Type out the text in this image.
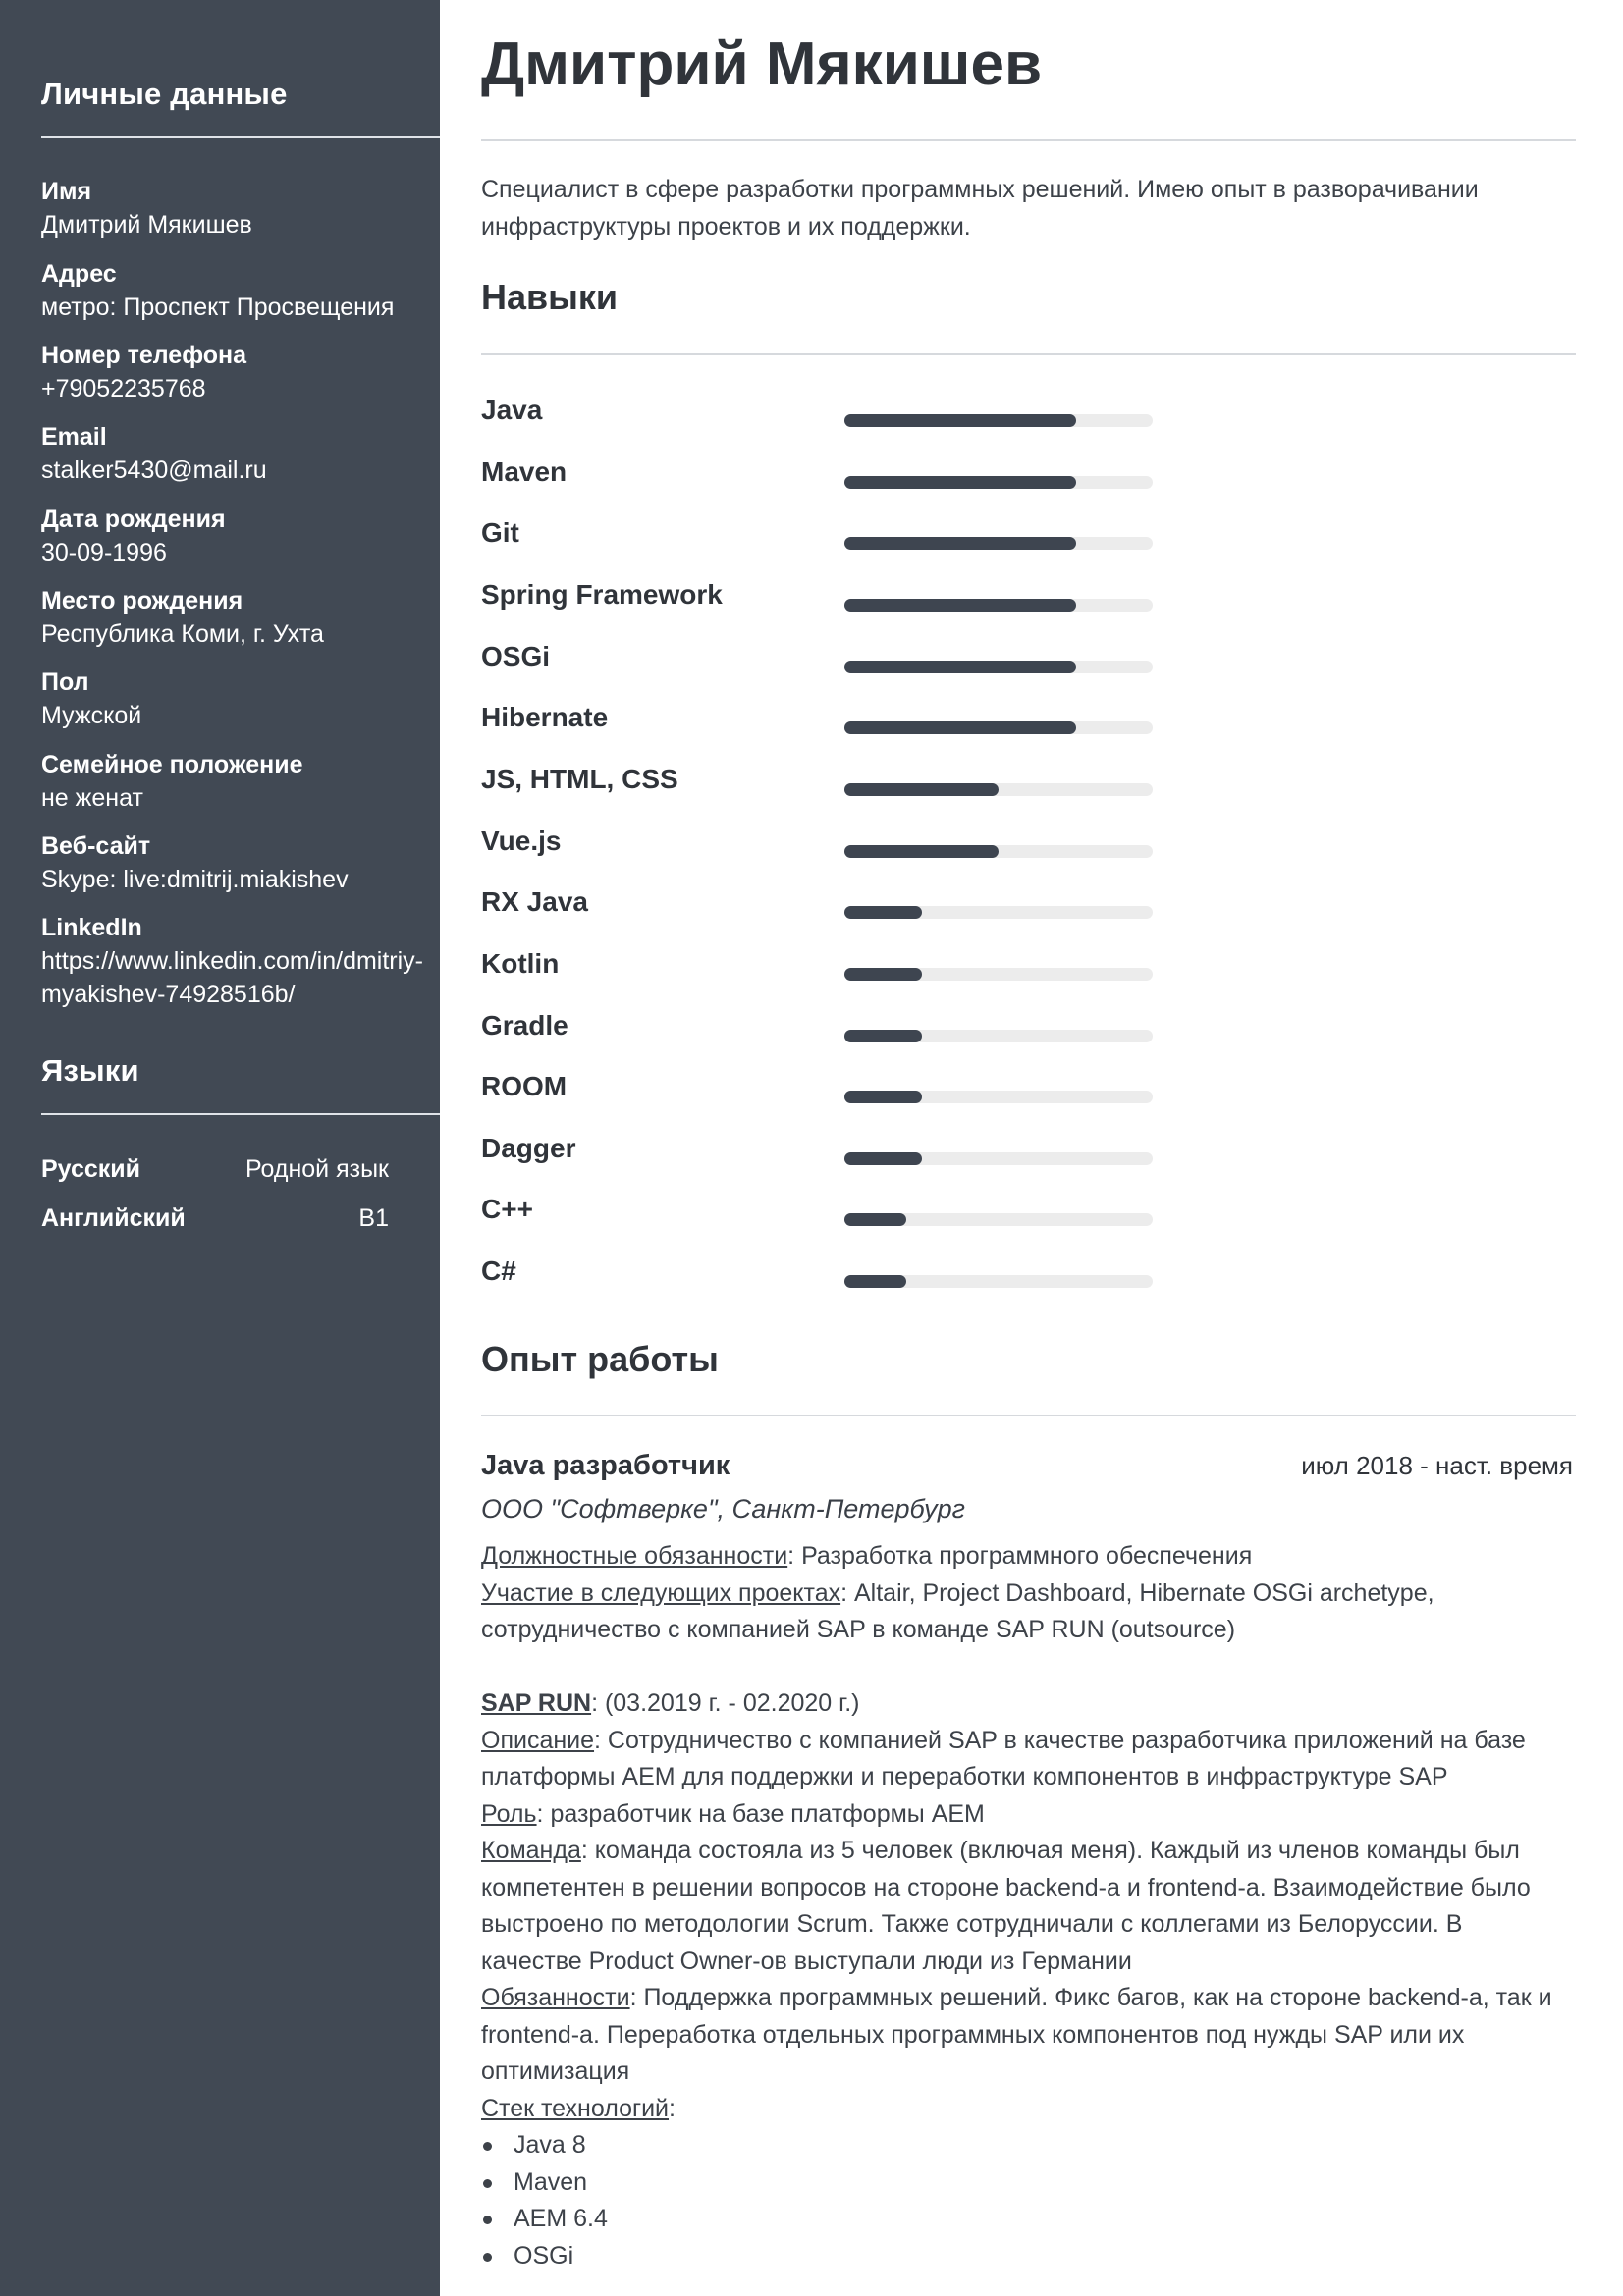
Личные данные
Имя
Дмитрий Мякишев
Адрес
метро: Проспект Просвещения
Номер телефона
+79052235768
Email
stalker5430@mail.ru
Дата рождения
30-09-1996
Место рождения
Республика Коми, г. Ухта
Пол
Мужской
Семейное положение
не женат
Веб-сайт
Skype: live:dmitrij.miakishev
LinkedIn
https://www.linkedin.com/in/dmitriy-
myakishev-74928516b/
Языки
Русский	Родной язык
Английский	B1
Дмитрий Мякишев
Специалист в сфере разработки программных решений. Имею опыт в разворачивании
инфраструктуры проектов и их поддержки.
Навыки
Java
Maven
Git
Spring Framework
OSGi
Hibernate
JS, HTML, CSS
Vue.js
RX Java
Kotlin
Gradle
ROOM
Dagger
C++
C#
Опыт работы
Java разработчик	июл 2018 - наст. время
ООО "Софтверке", Санкт-Петербург
Должностные обязанности: Разработка программного обеспечения
Участие в следующих проектах: Altair, Project Dashboard, Hibernate OSGi archetype,
сотрудничество с компанией SAP в команде SAP RUN (outsource)
SAP RUN: (03.2019 г. - 02.2020 г.)
Описание: Сотрудничество с компанией SAP в качестве разработчика приложений на базе
платформы AEM для поддержки и переработки компонентов в инфраструктуре SAP
Роль: разработчик на базе платформы AEM
Команда: команда состояла из 5 человек (включая меня). Каждый из членов команды был
компетентен в решении вопросов на стороне backend-а и frontend-а. Взаимодействие было
выстроено по методологии Scrum. Также сотрудничали с коллегами из Белоруссии. В
качестве Product Owner-ов выступали люди из Германии
Обязанности: Поддержка программных решений. Фикс багов, как на стороне backend-а, так и
frontend-а. Переработка отдельных программных компонентов под нужды SAP или их
оптимизация
Стек технологий:
Java 8
Maven
AEM 6.4
OSGi
